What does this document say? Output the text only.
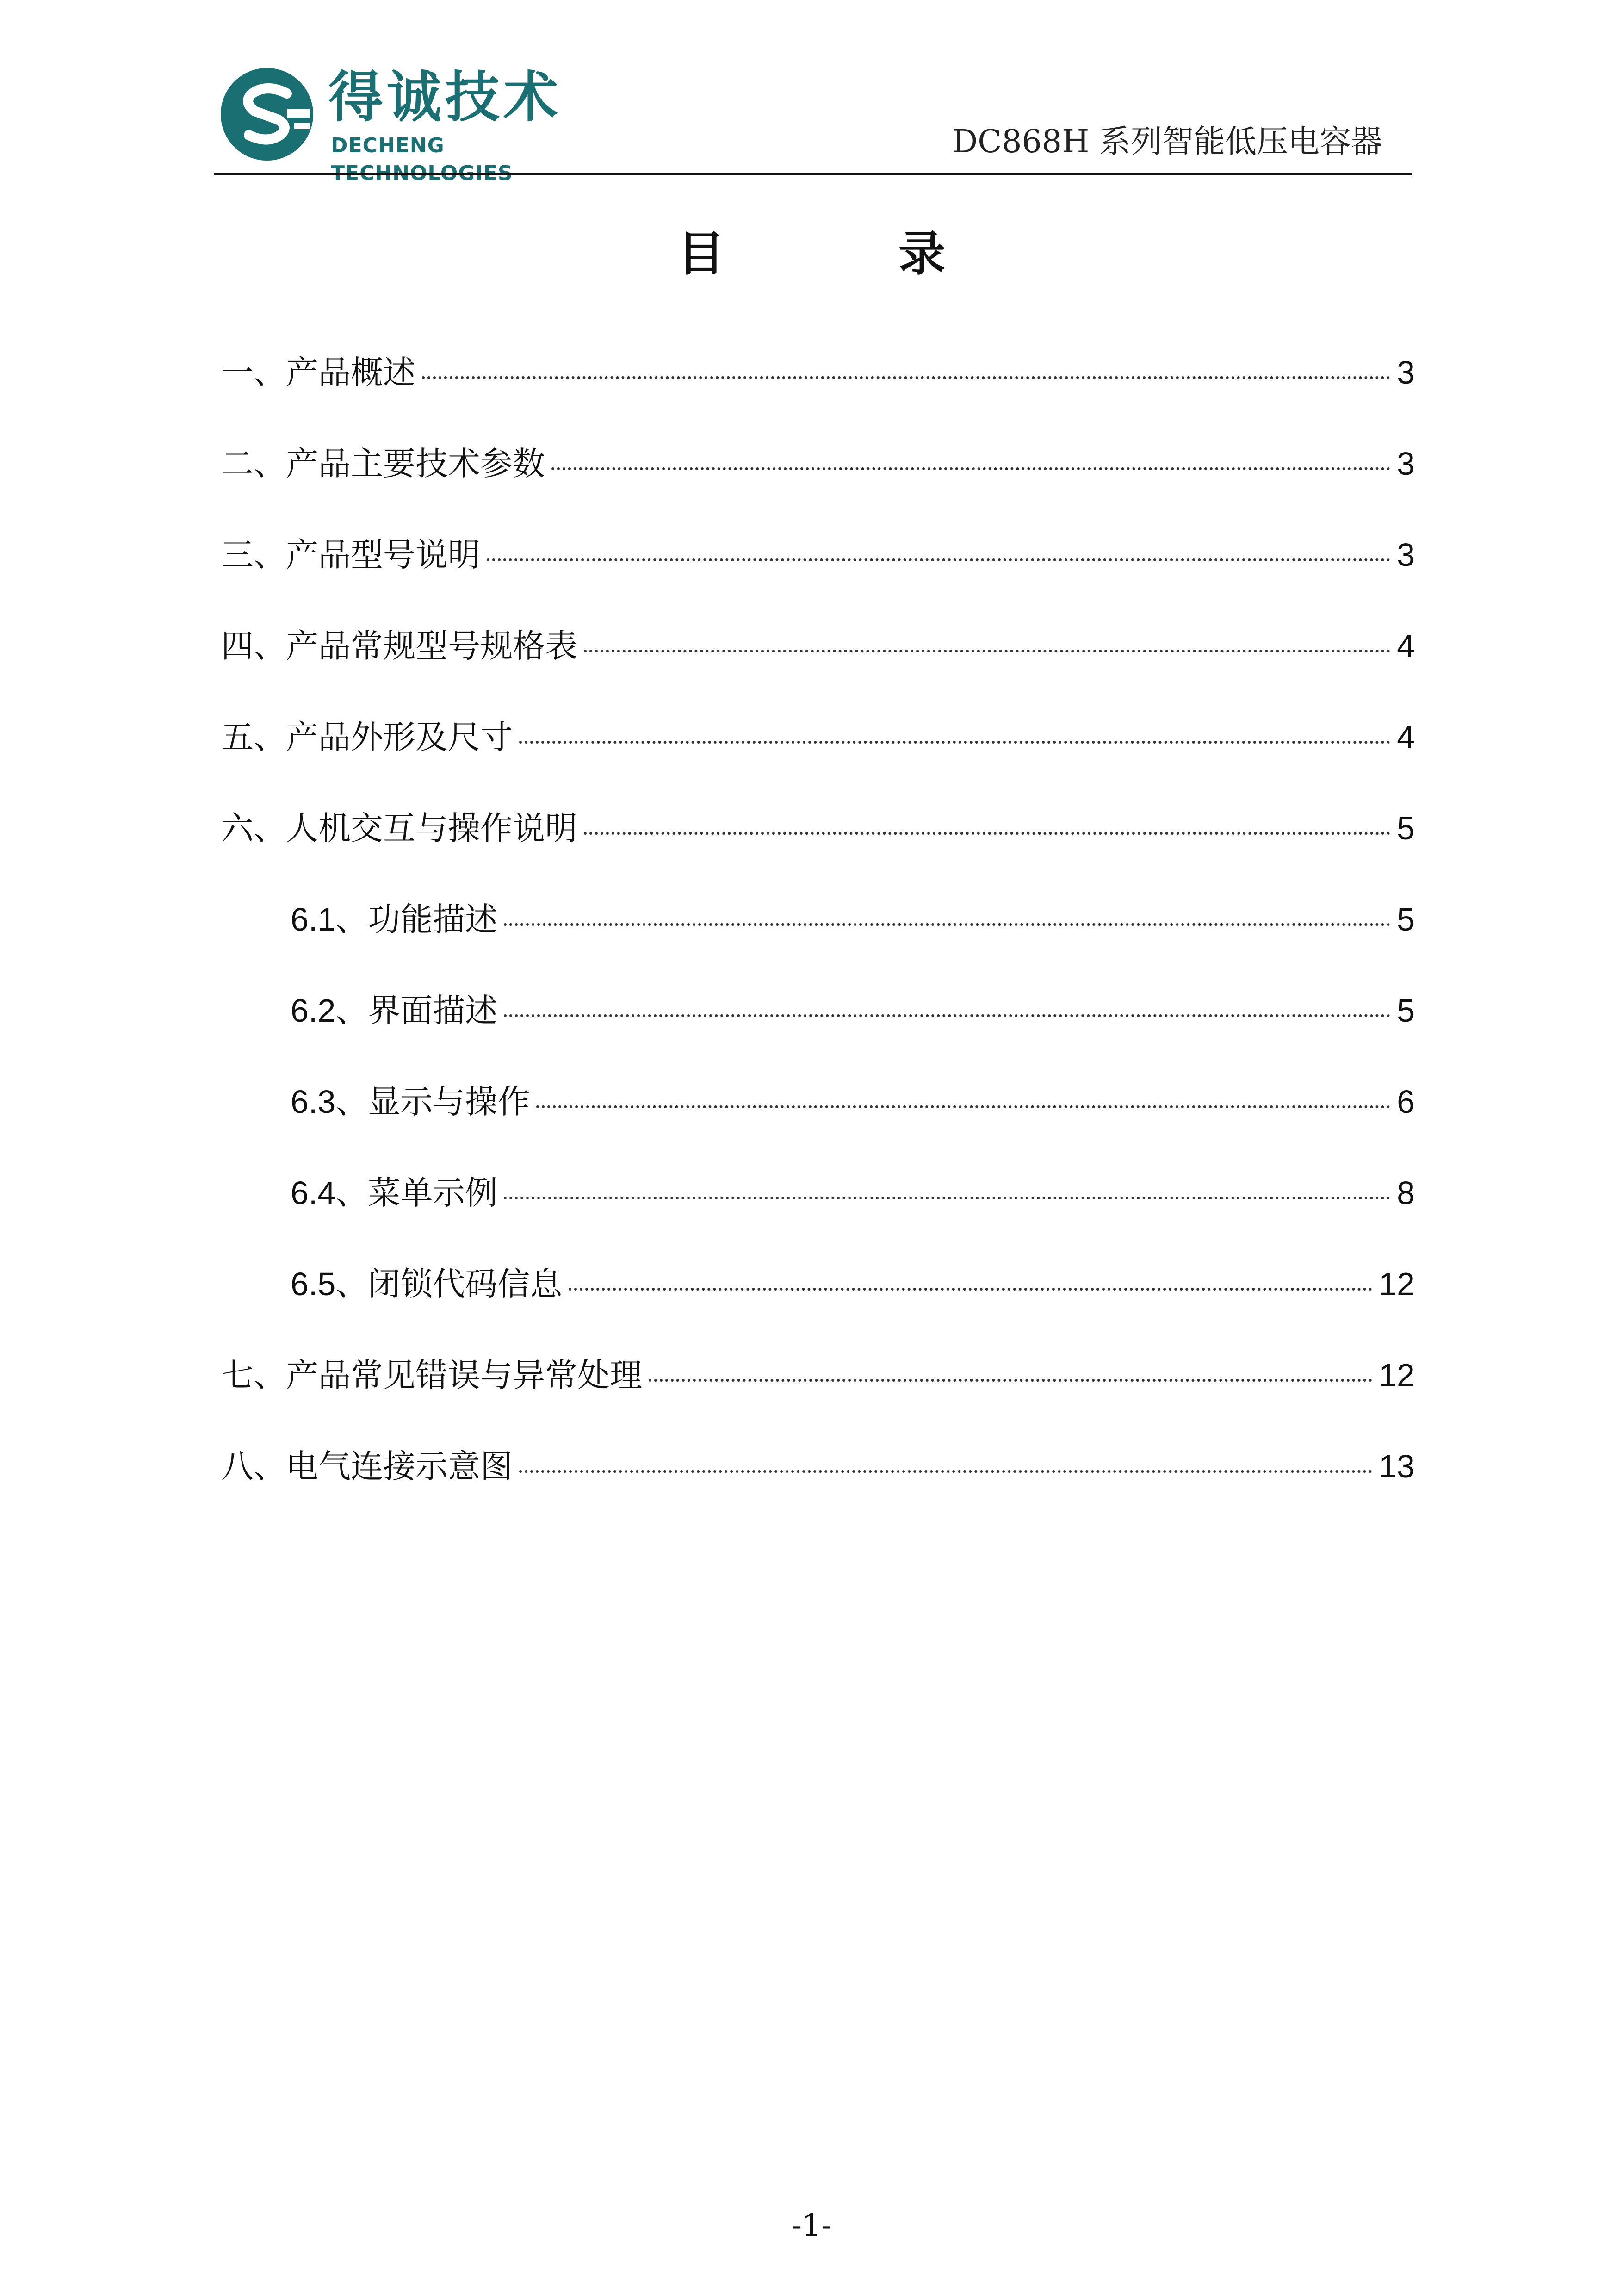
得诚技术
DECHENG TECHNOLOGIES
DC868H 系列智能低压电容器
目 录
一、产品概述	3
二、产品主要技术参数	3
三、产品型号说明	3
四、产品常规型号规格表	4
五、产品外形及尺寸	4
六、人机交互与操作说明	5
6.1、功能描述	5
6.2、界面描述	5
6.3、显示与操作	6
6.4、菜单示例	8
6.5、闭锁代码信息	12
七、产品常见错误与异常处理	12
八、电气连接示意图	13
-1-
